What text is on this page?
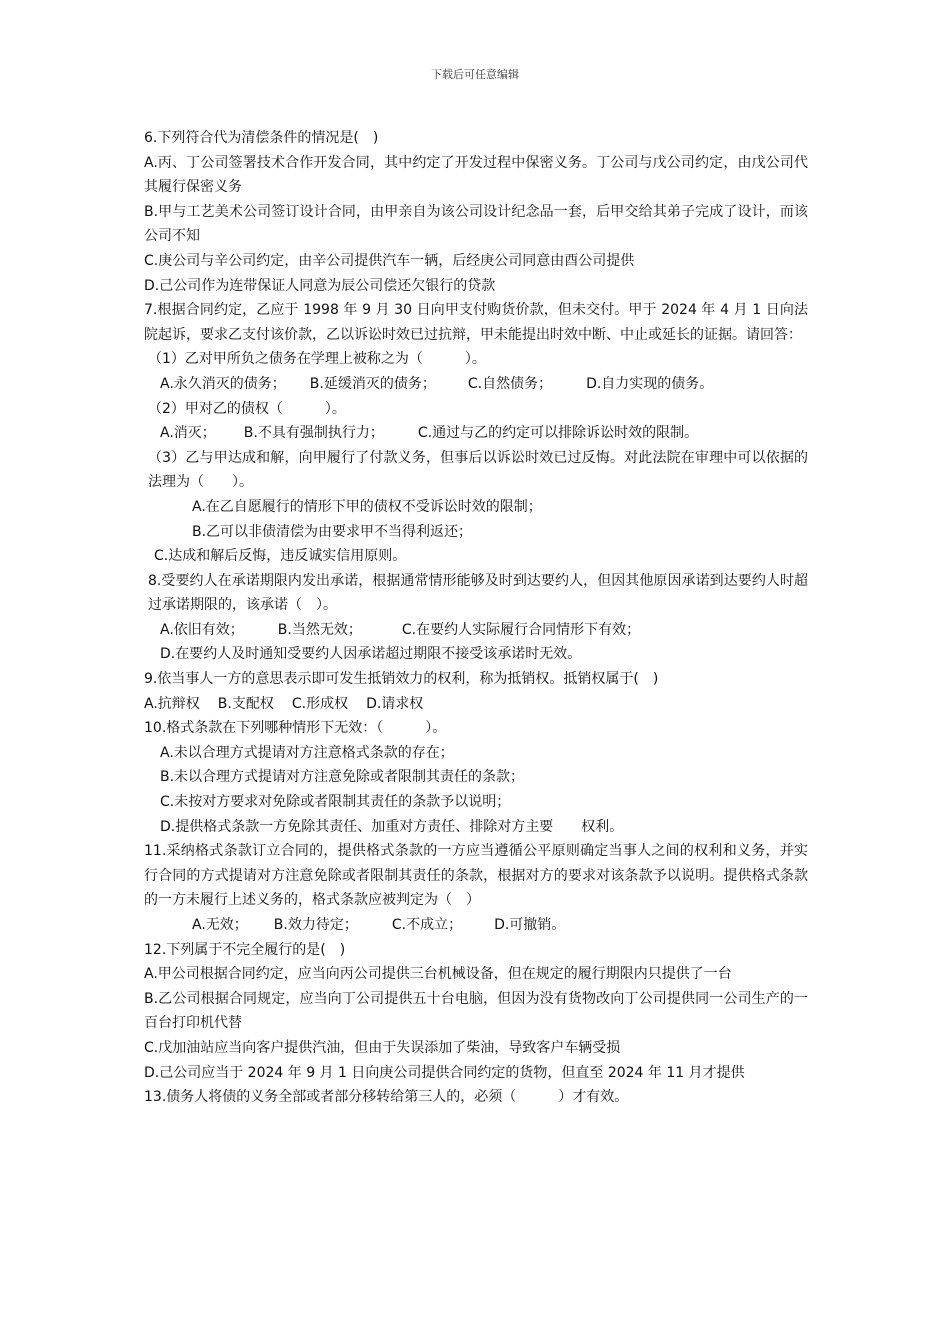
下载后可任意编辑

6.下列符合代为清偿条件的情况是(　)

A.丙、丁公司签署技术合作开发合同，其中约定了开发过程中保密义务。丁公司与戊公司约定，由戊公司代其履行保密义务

B.甲与工艺美术公司签订设计合同，由甲亲自为该公司设计纪念品一套，后甲交给其弟子完成了设计，而该公司不知

C.庚公司与辛公司约定，由辛公司提供汽车一辆，后经庚公司同意由酉公司提供

D.己公司作为连带保证人同意为辰公司偿还欠银行的贷款

7.根据合同约定，乙应于 1998 年 9 月 30 日向甲支付购货价款，但未交付。甲于 2024 年 4 月 1 日向法院起诉，要求乙支付该价款，乙以诉讼时效已过抗辩，甲未能提出时效中断、中止或延长的证据。请回答：

（1）乙对甲所负之债务在学理上被称之为（　　　）。

A.永久消灭的债务； B.延缓消灭的债务； C.自然债务； D.自力实现的债务。

（2）甲对乙的债权（　　　）。

A.消灭； B.不具有强制执行力； C.通过与乙的约定可以排除诉讼时效的限制。

（3）乙与甲达成和解，向甲履行了付款义务，但事后以诉讼时效已过反悔。对此法院在审理中可以依据的法理为（　　）。

A.在乙自愿履行的情形下甲的债权不受诉讼时效的限制；

B.乙可以非债清偿为由要求甲不当得利返还；

C.达成和解后反悔，违反诚实信用原则。

8.受要约人在承诺期限内发出承诺，根据通常情形能够及时到达要约人，但因其他原因承诺到达要约人时超过承诺期限的，该承诺（　）。

A.依旧有效； B.当然无效；	C.在要约人实际履行合同情形下有效；

D.在要约人及时通知受要约人因承诺超过期限不接受该承诺时无效。

9.依当事人一方的意思表示即可发生抵销效力的权利，称为抵销权。抵销权属于(　)

A.抗辩权 B.支配权 C.形成权 D.请求权

10.格式条款在下列哪种情形下无效：（　　　）。

A.未以合理方式提请对方注意格式条款的存在；

B.未以合理方式提请对方注意免除或者限制其责任的条款；

C.未按对方要求对免除或者限制其责任的条款予以说明；

D.提供格式条款一方免除其责任、加重对方责任、排除对方主要　　权利。

11.采纳格式条款订立合同的，提供格式条款的一方应当遵循公平原则确定当事人之间的权利和义务，并实行合同的方式提请对方注意免除或者限制其责任的条款，根据对方的要求对该条款予以说明。提供格式条款的一方未履行上述义务的，格式条款应被判定为（　）

A.无效； B.效力待定； C.不成立； D.可撤销。

12.下列属于不完全履行的是(　)

A.甲公司根据合同约定，应当向丙公司提供三台机械设备，但在规定的履行期限内只提供了一台

B.乙公司根据合同规定，应当向丁公司提供五十台电脑，但因为没有货物改向丁公司提供同一公司生产的一百台打印机代替

C.戊加油站应当向客户提供汽油，但由于失误添加了柴油，导致客户车辆受损

D.己公司应当于 2024 年 9 月 1 日向庚公司提供合同约定的货物，但直至 2024 年 11 月才提供

13.债务人将债的义务全部或者部分移转给第三人的，必须（　　　）才有效。
